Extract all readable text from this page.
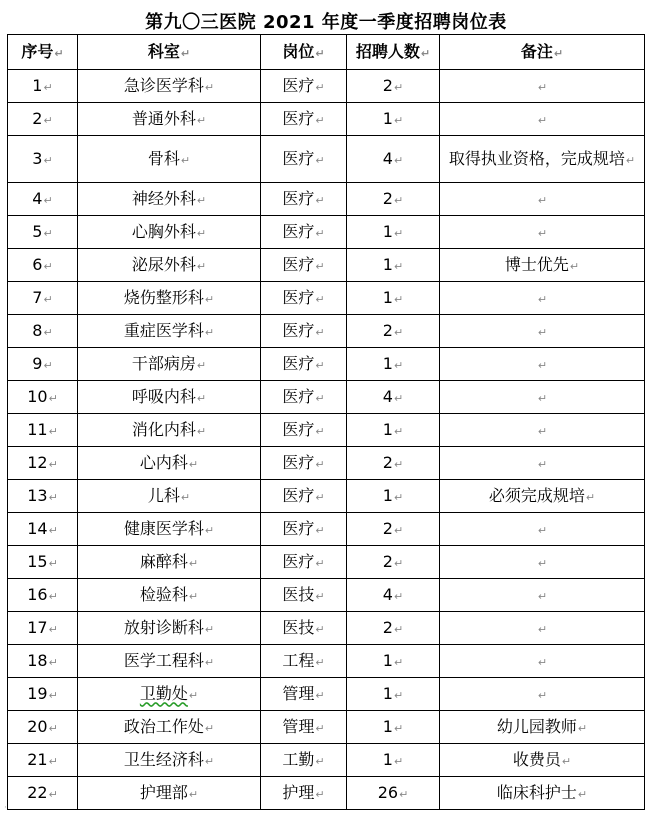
第九〇三医院 2021 年度一季度招聘岗位表
序号↵	科室↵	岗位↵	招聘人数↵	备注↵
1↵	急诊医学科↵	医疗↵	2↵	↵
2↵	普通外科↵	医疗↵	1↵	↵
3↵	骨科↵	医疗↵	4↵	取得执业资格，完成规培↵
4↵	神经外科↵	医疗↵	2↵	↵
5↵	心胸外科↵	医疗↵	1↵	↵
6↵	泌尿外科↵	医疗↵	1↵	博士优先↵
7↵	烧伤整形科↵	医疗↵	1↵	↵
8↵	重症医学科↵	医疗↵	2↵	↵
9↵	干部病房↵	医疗↵	1↵	↵
10↵	呼吸内科↵	医疗↵	4↵	↵
11↵	消化内科↵	医疗↵	1↵	↵
12↵	心内科↵	医疗↵	2↵	↵
13↵	儿科↵	医疗↵	1↵	必须完成规培↵
14↵	健康医学科↵	医疗↵	2↵	↵
15↵	麻醉科↵	医疗↵	2↵	↵
16↵	检验科↵	医技↵	4↵	↵
17↵	放射诊断科↵	医技↵	2↵	↵
18↵	医学工程科↵	工程↵	1↵	↵
19↵	卫勤处↵	管理↵	1↵	↵
20↵	政治工作处↵	管理↵	1↵	幼儿园教师↵
21↵	卫生经济科↵	工勤↵	1↵	收费员↵
22↵	护理部↵	护理↵	26↵	临床科护士↵
·
